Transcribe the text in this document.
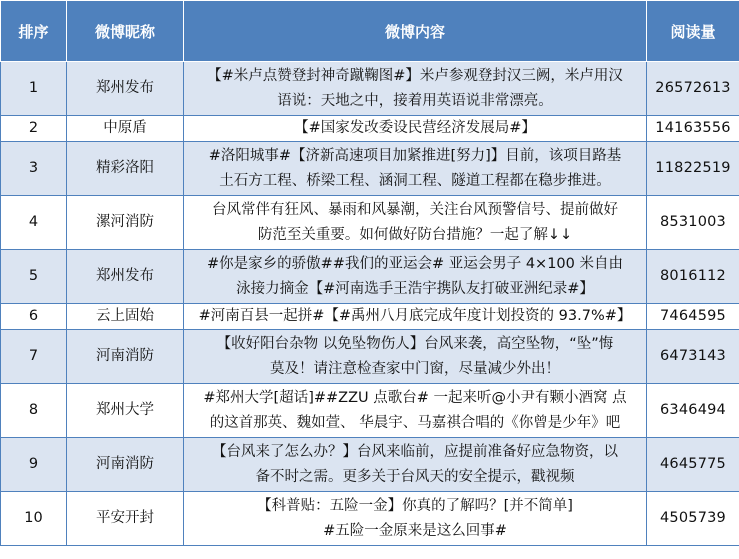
排序	微博昵称	微博内容	阅读量
1	郑州发布	【#米卢点赞登封神奇蹴鞠图#】米卢参观登封汉三阙，米卢用汉
语说：天地之中，接着用英语说非常漂亮。	26572613
2	中原盾	【#国家发改委设民营经济发展局#】	14163556
3	精彩洛阳	#洛阳城事#【济新高速项目加紧推进[努力]】目前，该项目路基
土石方工程、桥梁工程、涵洞工程、隧道工程都在稳步推进。	11822519
4	漯河消防	台风常伴有狂风、暴雨和风暴潮，关注台风预警信号、提前做好
防范至关重要。如何做好防台措施？一起了解↓↓	8531003
5	郑州发布	#你是家乡的骄傲##我们的亚运会# 亚运会男子 4×100 米自由
泳接力摘金【#河南选手王浩宇携队友打破亚洲纪录#】	8016112
6	云上固始	#河南百县一起拼#【#禹州八月底完成年度计划投资的 93.7%#】	7464595
7	河南消防	【收好阳台杂物 以免坠物伤人】台风来袭，高空坠物，“坠”悔
莫及！请注意检查家中门窗，尽量减少外出！	6473143
8	郑州大学	#郑州大学[超话]##ZZU 点歌台# 一起来听@小尹有颗小酒窝 点
的这首那英、魏如萱、 华晨宇、马嘉祺合唱的《你曾是少年》吧	6346494
9	河南消防	【台风来了怎么办？】台风来临前，应提前准备好应急物资，以
备不时之需。更多关于台风天的安全提示，戳视频	4645775
10	平安开封	【科普贴：五险一金】你真的了解吗？[并不简单]
#五险一金原来是这么回事#	4505739
